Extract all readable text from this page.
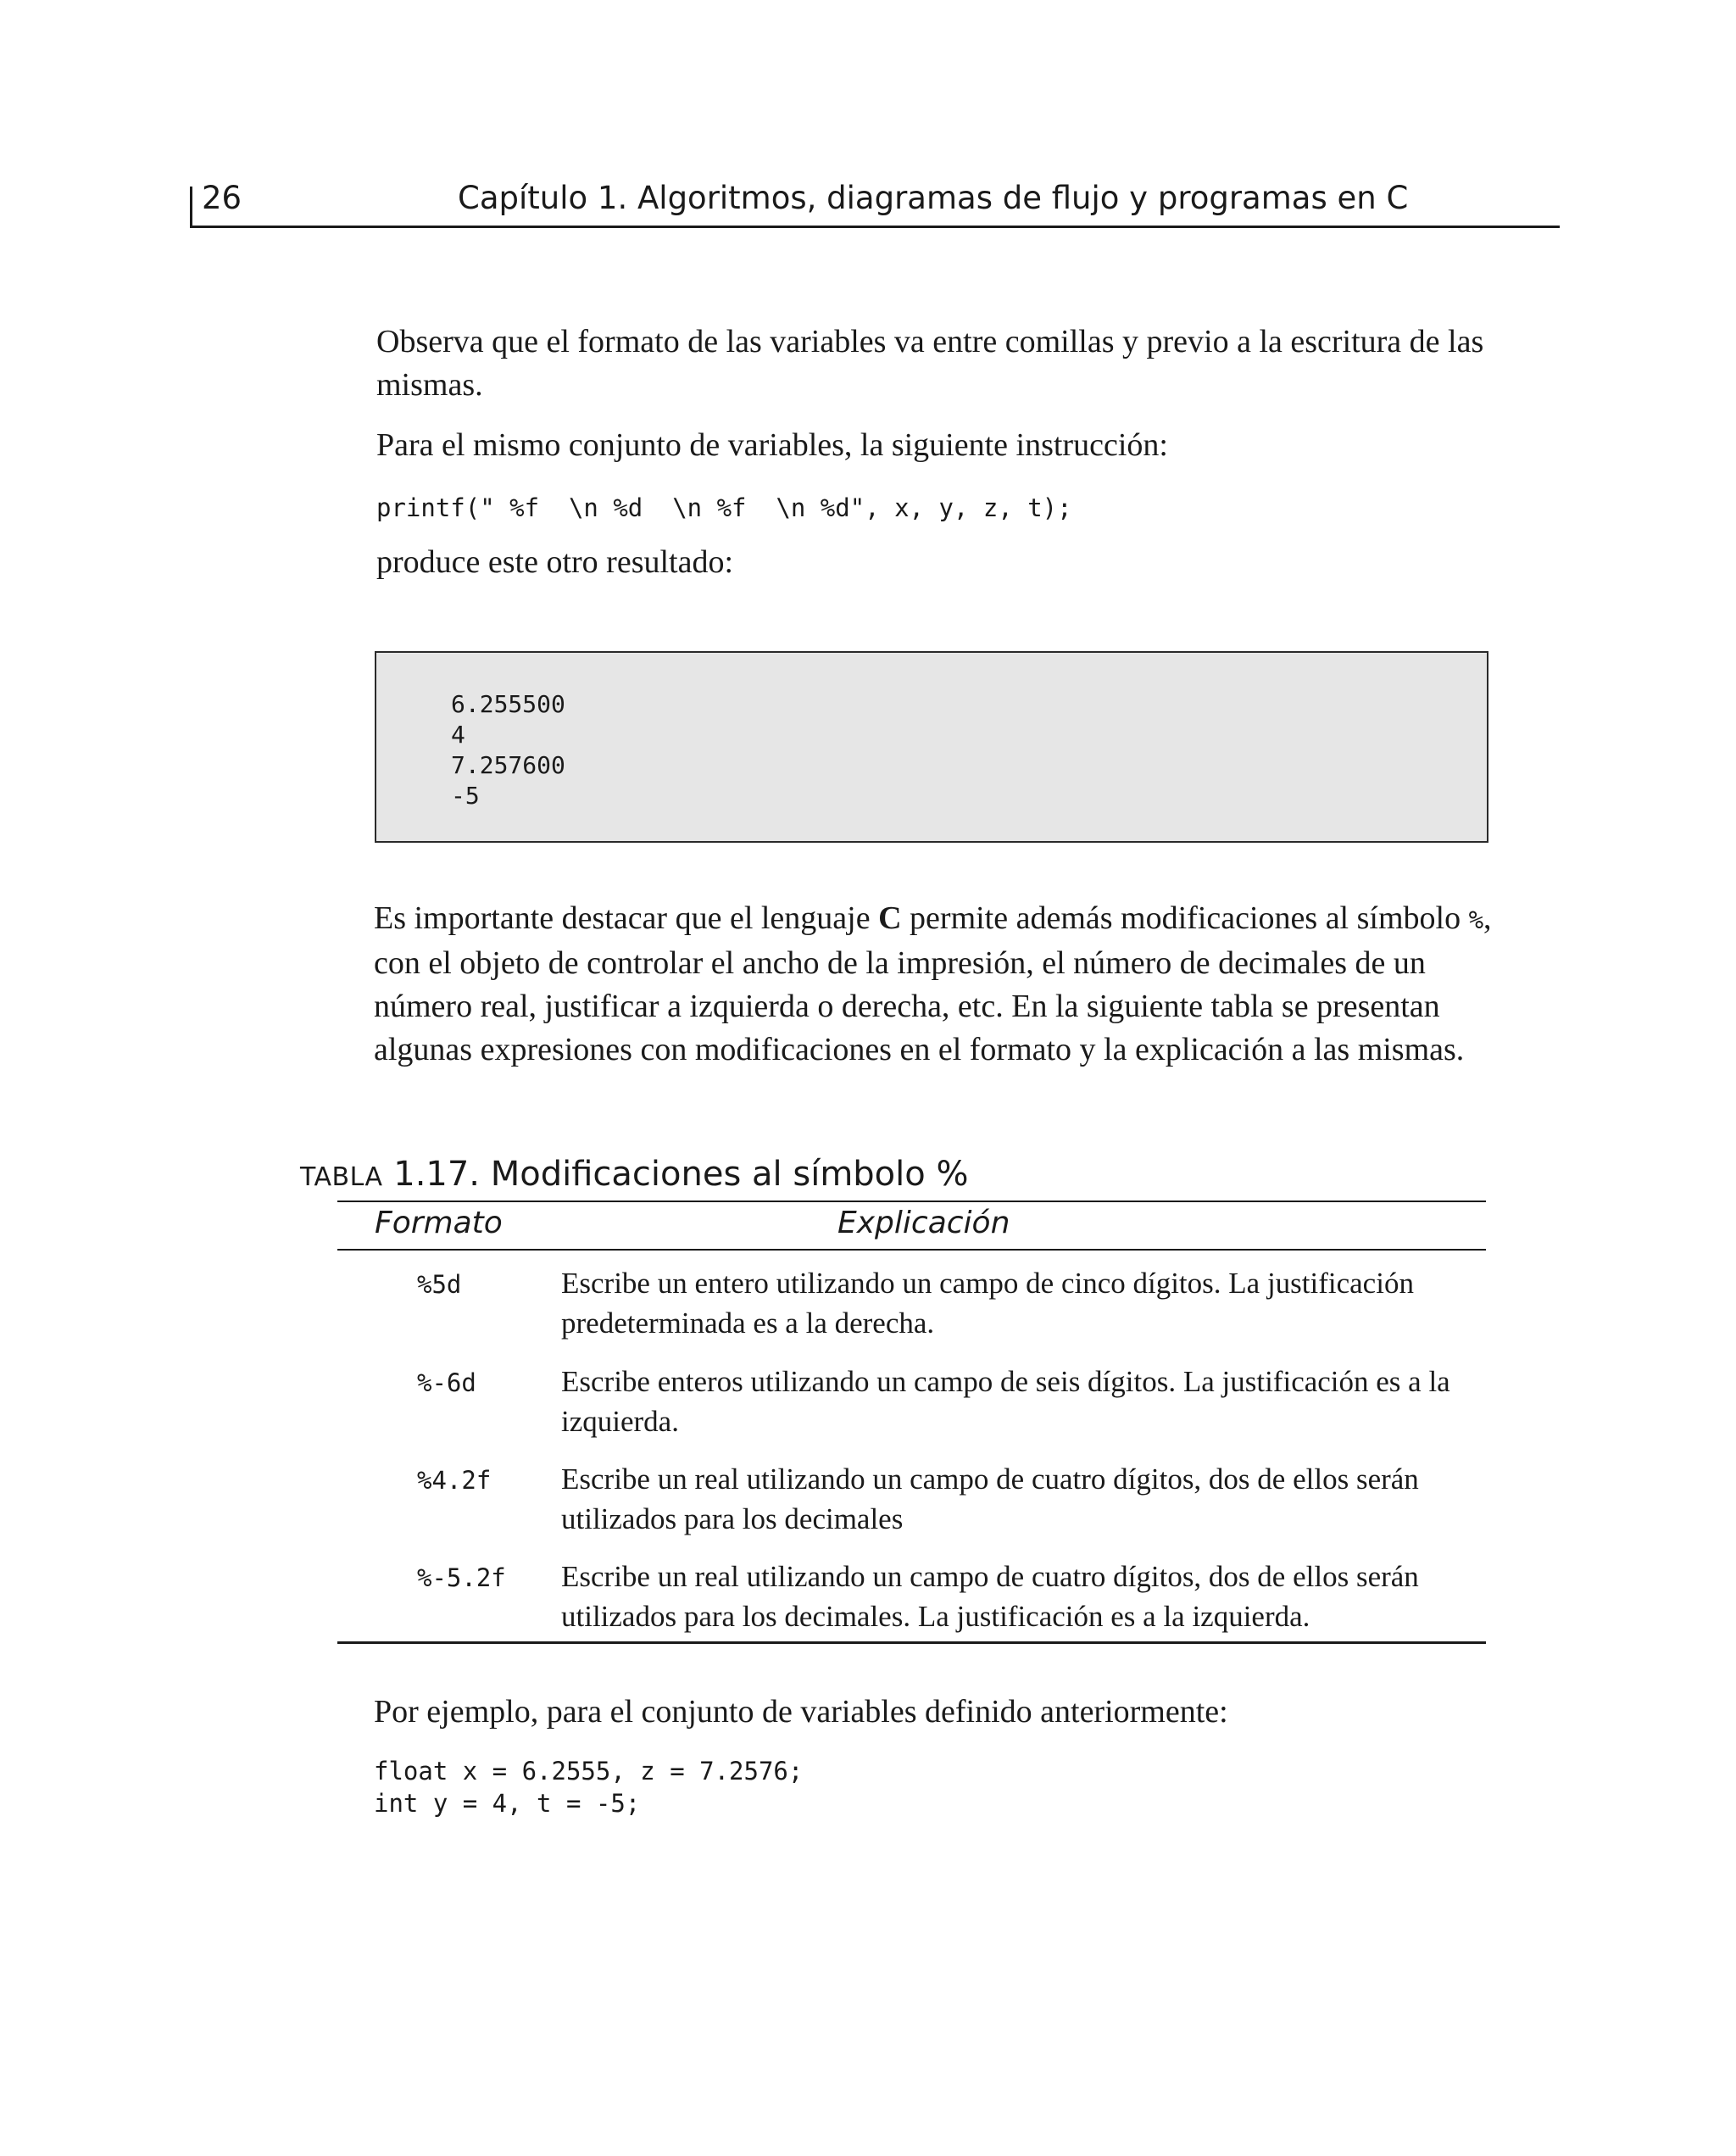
26	Capítulo 1. Algoritmos, diagramas de flujo y programas en C

Observa que el formato de las variables va entre comillas y previo a la escritura de las mismas.

Para el mismo conjunto de variables, la siguiente instrucción:

printf(" %f  \n %d  \n %f  \n %d", x, y, z, t);

produce este otro resultado:

6.255500
4
7.257600
-5

Es importante destacar que el lenguaje C permite además modificaciones al símbolo %, con el objeto de controlar el ancho de la impresión, el número de decimales de un número real, justificar a izquierda o derecha, etc. En la siguiente tabla se presentan algunas expresiones con modificaciones en el formato y la explicación a las mismas.

TABLA 1.17. Modificaciones al símbolo %
Formato	Explicación
%5d	Escribe un entero utilizando un campo de cinco dígitos. La justificación predeterminada es a la derecha.
%-6d	Escribe enteros utilizando un campo de seis dígitos. La justificación es a la izquierda.
%4.2f Escribe un real utilizando un campo de cuatro dígitos, dos de ellos serán utilizados para los decimales
%-5.2f Escribe un real utilizando un campo de cuatro dígitos, dos de ellos serán utilizados para los decimales. La justificación es a la izquierda.

Por ejemplo, para el conjunto de variables definido anteriormente:

float x = 6.2555, z = 7.2576;
int y = 4, t = -5;
